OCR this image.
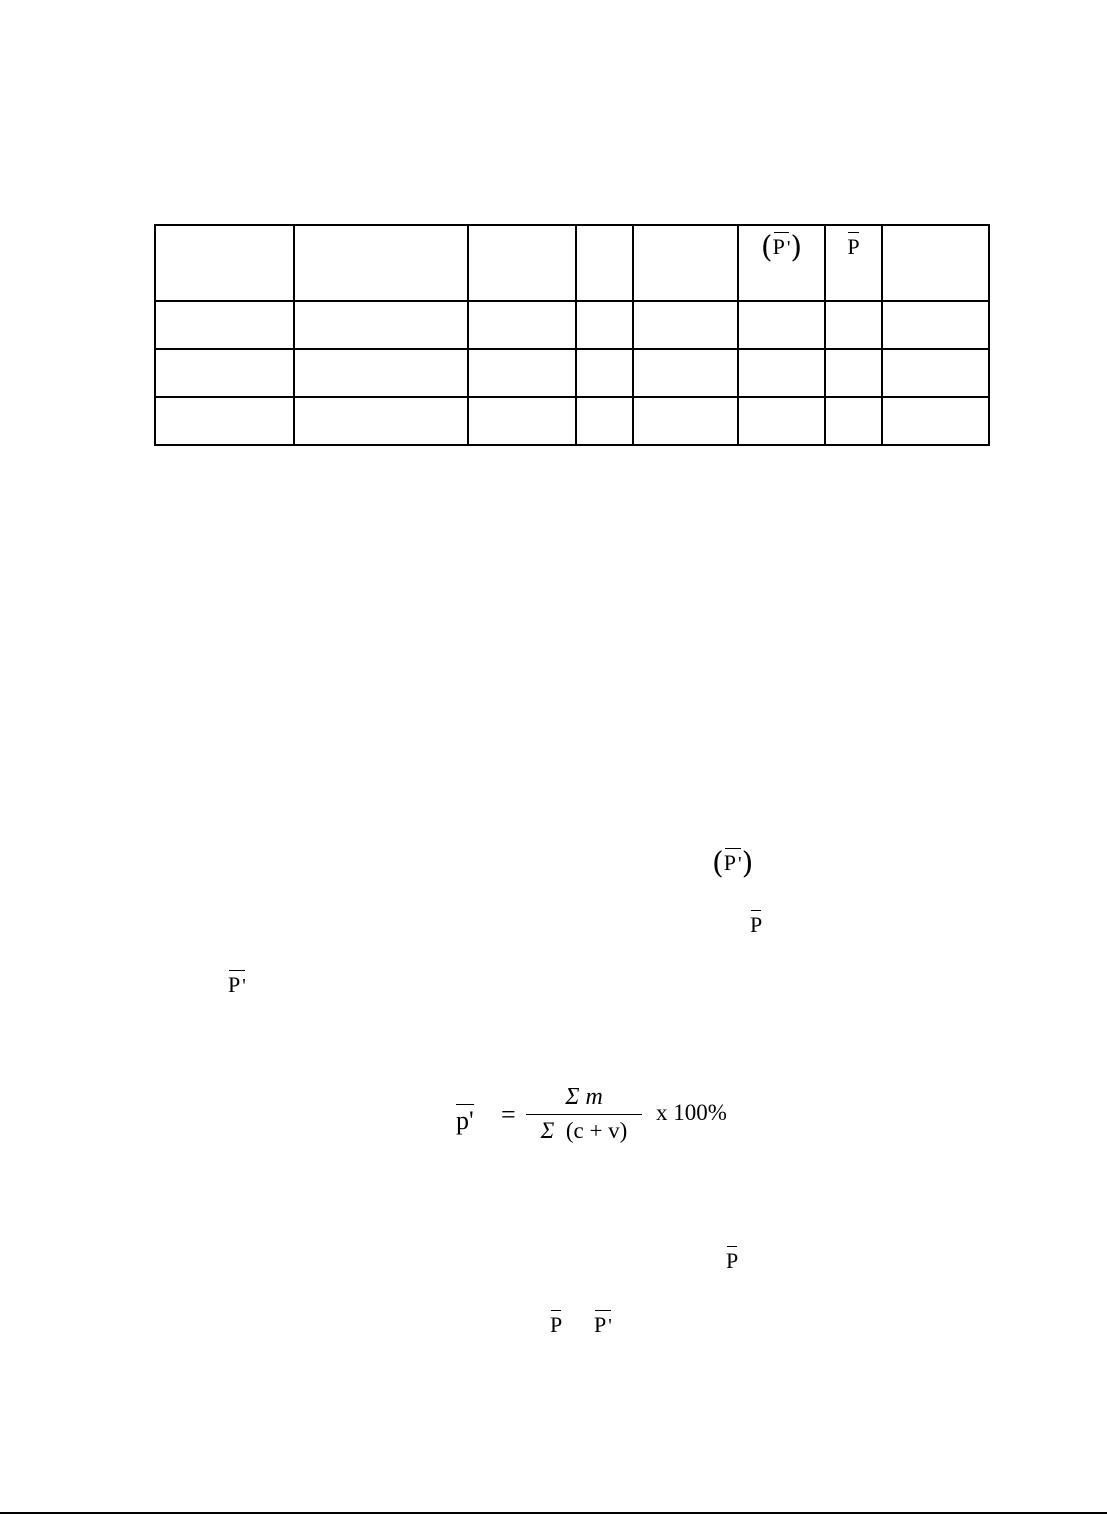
					(P ')	P	

(P ')
P
P '
p' =
Σ m
Σ (c + v)
x 100%
P
P P '
